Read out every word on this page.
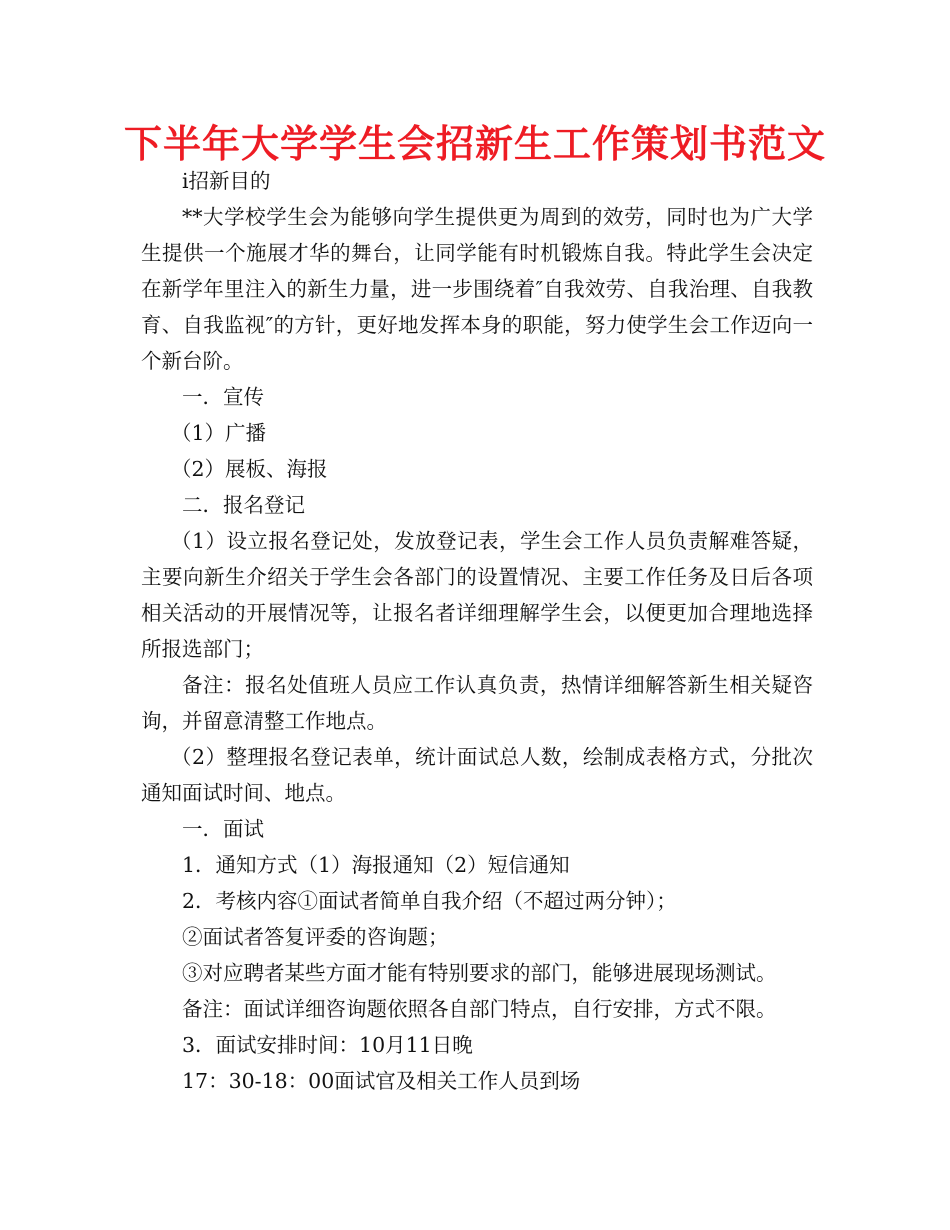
下半年大学学生会招新生工作策划书范文

ⅰ招新目的

**大学校学生会为能够向学生提供更为周到的效劳，同时也为广大学生提供一个施展才华的舞台，让同学能有时机锻炼自我。特此学生会决定在新学年里注入的新生力量，进一步围绕着″自我效劳、自我治理、自我教育、自我监视″的方针，更好地发挥本身的职能，努力使学生会工作迈向一个新台阶。

一．宣传

（1）广播

（2）展板、海报

二．报名登记

（1）设立报名登记处，发放登记表，学生会工作人员负责解难答疑，主要向新生介绍关于学生会各部门的设置情况、主要工作任务及日后各项相关活动的开展情况等，让报名者详细理解学生会，以便更加合理地选择所报选部门；

备注：报名处值班人员应工作认真负责，热情详细解答新生相关疑咨询，并留意清整工作地点。

（2）整理报名登记表单，统计面试总人数，绘制成表格方式，分批次通知面试时间、地点。

一．面试

1．通知方式（1）海报通知（2）短信通知

2．考核内容①面试者简单自我介绍（不超过两分钟）；

②面试者答复评委的咨询题；

③对应聘者某些方面才能有特别要求的部门，能够进展现场测试。

备注：面试详细咨询题依照各自部门特点，自行安排，方式不限。

3．面试安排时间：10月11日晚

17：30-18：00面试官及相关工作人员到场
